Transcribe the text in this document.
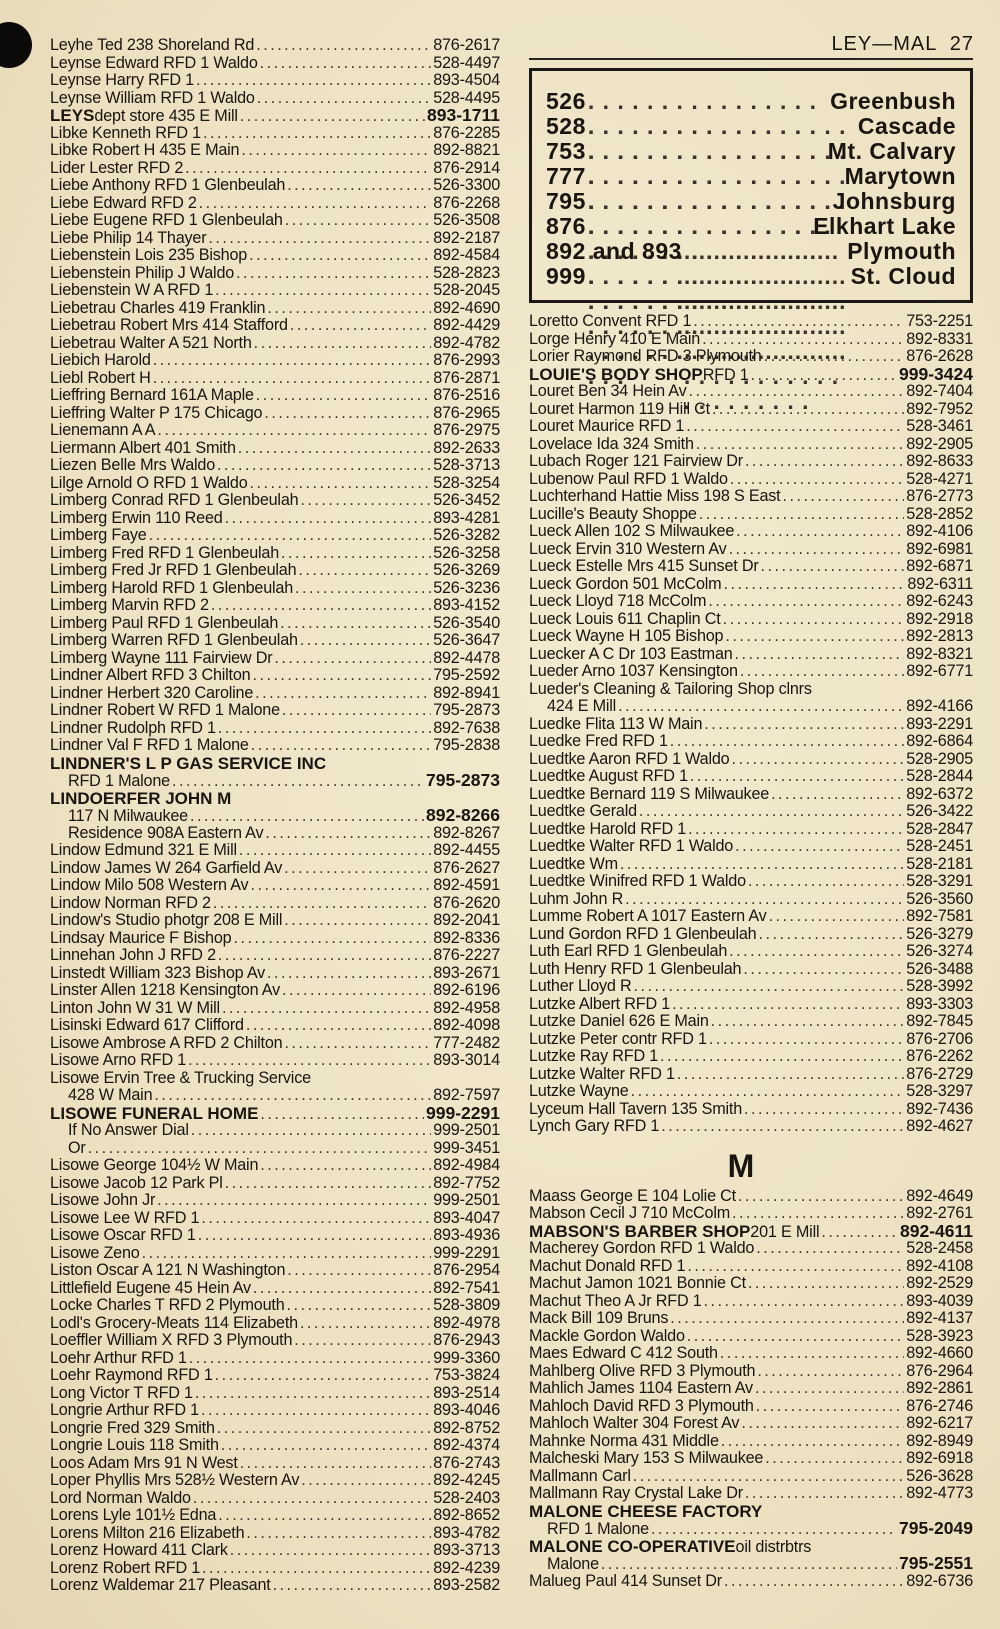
LEY—MAL 27
526 . . .	Greenbush
528 . . .	Cascade
753 . . .	Mt. Calvary
777 . . .	Marytown
795 . . .	Johnsburg
876 . . .	Elkhart Lake
892 and 893 . . .	Plymouth
999 . . .	St. Cloud
Leyhe Ted 238 Shoreland Rd . . .	876-2617
Leynse Edward RFD 1 Waldo . . .	528-4497
Leynse Harry RFD 1 . . .	893-4504
Leynse William RFD 1 Waldo . . .	528-4495
LEYS dept store 435 E Mill . . .	893-1711
Libke Kenneth RFD 1 . . .	876-2285
Libke Robert H 435 E Main . . .	892-8821
Lider Lester RFD 2 . . .	876-2914
Liebe Anthony RFD 1 Glenbeulah . . .	526-3300
Liebe Edward RFD 2 . . .	876-2268
Liebe Eugene RFD 1 Glenbeulah . . .	526-3508
Liebe Philip 14 Thayer . . .	892-2187
Liebenstein Lois 235 Bishop . . .	892-4584
Liebenstein Philip J Waldo . . .	528-2823
Liebenstein W A RFD 1 . . .	528-2045
Liebetrau Charles 419 Franklin . . .	892-4690
Liebetrau Robert Mrs 414 Stafford . . .	892-4429
Liebetrau Walter A 521 North . . .	892-4782
Liebich Harold . . .	876-2993
Liebl Robert H . . .	876-2871
Lieffring Bernard 161A Maple . . .	876-2516
Lieffring Walter P 175 Chicago . . .	876-2965
Lienemann A A . . .	876-2975
Liermann Albert 401 Smith . . .	892-2633
Liezen Belle Mrs Waldo . . .	528-3713
Lilge Arnold O RFD 1 Waldo . . .	528-3254
Limberg Conrad RFD 1 Glenbeulah . . .	526-3452
Limberg Erwin 110 Reed . . .	893-4281
Limberg Faye . . .	526-3282
Limberg Fred RFD 1 Glenbeulah . . .	526-3258
Limberg Fred Jr RFD 1 Glenbeulah . . .	526-3269
Limberg Harold RFD 1 Glenbeulah . . .	526-3236
Limberg Marvin RFD 2 . . .	893-4152
Limberg Paul RFD 1 Glenbeulah . . .	526-3540
Limberg Warren RFD 1 Glenbeulah . . .	526-3647
Limberg Wayne 111 Fairview Dr . . .	892-4478
Lindner Albert RFD 3 Chilton . . .	795-2592
Lindner Herbert 320 Caroline . . .	892-8941
Lindner Robert W RFD 1 Malone . . .	795-2873
Lindner Rudolph RFD 1 . . .	892-7638
Lindner Val F RFD 1 Malone . . .	795-2838
LINDNER'S L P GAS SERVICE INC
RFD 1 Malone . . .	795-2873
LINDOERFER JOHN M
117 N Milwaukee . . .	892-8266
Residence 908A Eastern Av . . .	892-8267
Lindow Edmund 321 E Mill . . .	892-4455
Lindow James W 264 Garfield Av . . .	876-2627
Lindow Milo 508 Western Av . . .	892-4591
Lindow Norman RFD 2 . . .	876-2620
Lindow's Studio photgr 208 E Mill . . .	892-2041
Lindsay Maurice F Bishop . . .	892-8336
Linnehan John J RFD 2 . . .	876-2227
Linstedt William 323 Bishop Av . . .	893-2671
Linster Allen 1218 Kensington Av . . .	892-6196
Linton John W 31 W Mill . . .	892-4958
Lisinski Edward 617 Clifford . . .	892-4098
Lisowe Ambrose A RFD 2 Chilton . . .	777-2482
Lisowe Arno RFD 1 . . .	893-3014
Lisowe Ervin Tree & Trucking Service
428 W Main . . .	892-7597
LISOWE FUNERAL HOME . . .	999-2291
If No Answer Dial . . .	999-2501
Or . . .	999-3451
Lisowe George 104½ W Main . . .	892-4984
Lisowe Jacob 12 Park Pl . . .	892-7752
Lisowe John Jr . . .	999-2501
Lisowe Lee W RFD 1 . . .	893-4047
Lisowe Oscar RFD 1 . . .	893-4936
Lisowe Zeno . . .	999-2291
Liston Oscar A 121 N Washington . . .	876-2954
Littlefield Eugene 45 Hein Av . . .	892-7541
Locke Charles T RFD 2 Plymouth . . .	528-3809
Lodl's Grocery-Meats 114 Elizabeth . . .	892-4978
Loeffler William X RFD 3 Plymouth . . .	876-2943
Loehr Arthur RFD 1 . . .	999-3360
Loehr Raymond RFD 1 . . .	753-3824
Long Victor T RFD 1 . . .	893-2514
Longrie Arthur RFD 1 . . .	893-4046
Longrie Fred 329 Smith . . .	892-8752
Longrie Louis 118 Smith . . .	892-4374
Loos Adam Mrs 91 N West . . .	876-2743
Loper Phyllis Mrs 528½ Western Av . . .	892-4245
Lord Norman Waldo . . .	528-2403
Lorens Lyle 101½ Edna . . .	892-8652
Lorens Milton 216 Elizabeth . . .	893-4782
Lorenz Howard 411 Clark . . .	893-3713
Lorenz Robert RFD 1 . . .	892-4239
Lorenz Waldemar 217 Pleasant . . .	893-2582
Loretto Convent RFD 1 . . .	753-2251
Lorge Henry 410 E Main . . .	892-8331
Lorier Raymond RFD 3 Plymouth . . .	876-2628
LOUIE'S BODY SHOP RFD 1 . . .	999-3424
Louret Ben 34 Hein Av . . .	892-7404
Louret Harmon 119 Hill Ct . . .	892-7952
Louret Maurice RFD 1 . . .	528-3461
Lovelace Ida 324 Smith . . .	892-2905
Lubach Roger 121 Fairview Dr . . .	892-8633
Lubenow Paul RFD 1 Waldo . . .	528-4271
Luchterhand Hattie Miss 198 S East . . .	876-2773
Lucille's Beauty Shoppe . . .	528-2852
Lueck Allen 102 S Milwaukee . . .	892-4106
Lueck Ervin 310 Western Av . . .	892-6981
Lueck Estelle Mrs 415 Sunset Dr . . .	892-6871
Lueck Gordon 501 McColm . . .	892-6311
Lueck Lloyd 718 McColm . . .	892-6243
Lueck Louis 611 Chaplin Ct . . .	892-2918
Lueck Wayne H 105 Bishop . . .	892-2813
Luecker A C Dr 103 Eastman . . .	892-8321
Lueder Arno 1037 Kensington . . .	892-6771
Lueder's Cleaning & Tailoring Shop clnrs
424 E Mill . . .	892-4166
Luedke Flita 113 W Main . . .	893-2291
Luedke Fred RFD 1 . . .	892-6864
Luedtke Aaron RFD 1 Waldo . . .	528-2905
Luedtke August RFD 1 . . .	528-2844
Luedtke Bernard 119 S Milwaukee . . .	892-6372
Luedtke Gerald . . .	526-3422
Luedtke Harold RFD 1 . . .	528-2847
Luedtke Walter RFD 1 Waldo . . .	528-2451
Luedtke Wm . . .	528-2181
Luedtke Winifred RFD 1 Waldo . . .	528-3291
Luhm John R . . .	526-3560
Lumme Robert A 1017 Eastern Av . . .	892-7581
Lund Gordon RFD 1 Glenbeulah . . .	526-3279
Luth Earl RFD 1 Glenbeulah . . .	526-3274
Luth Henry RFD 1 Glenbeulah . . .	526-3488
Luther Lloyd R . . .	528-3992
Lutzke Albert RFD 1 . . .	893-3303
Lutzke Daniel 626 E Main . . .	892-7845
Lutzke Peter contr RFD 1 . . .	876-2706
Lutzke Ray RFD 1 . . .	876-2262
Lutzke Walter RFD 1 . . .	876-2729
Lutzke Wayne . . .	528-3297
Lyceum Hall Tavern 135 Smith . . .	892-7436
Lynch Gary RFD 1 . . .	892-4627
M
Maass George E 104 Lolie Ct . . .	892-4649
Mabson Cecil J 710 McColm . . .	892-2761
MABSON'S BARBER SHOP 201 E Mill . . .	892-4611
Macherey Gordon RFD 1 Waldo . . .	528-2458
Machut Donald RFD 1 . . .	892-4108
Machut Jamon 1021 Bonnie Ct . . .	892-2529
Machut Theo A Jr RFD 1 . . .	893-4039
Mack Bill 109 Bruns . . .	892-4137
Mackle Gordon Waldo . . .	528-3923
Maes Edward C 412 South . . .	892-4660
Mahlberg Olive RFD 3 Plymouth . . .	876-2964
Mahlich James 1104 Eastern Av . . .	892-2861
Mahloch David RFD 3 Plymouth . . .	876-2746
Mahloch Walter 304 Forest Av . . .	892-6217
Mahnke Norma 431 Middle . . .	892-8949
Malcheski Mary 153 S Milwaukee . . .	892-6918
Mallmann Carl . . .	526-3628
Mallmann Ray Crystal Lake Dr . . .	892-4773
MALONE CHEESE FACTORY
RFD 1 Malone . . .	795-2049
MALONE CO-OPERATIVE oil distrbtrs
Malone . . .	795-2551
Malueg Paul 414 Sunset Dr . . .	892-6736
